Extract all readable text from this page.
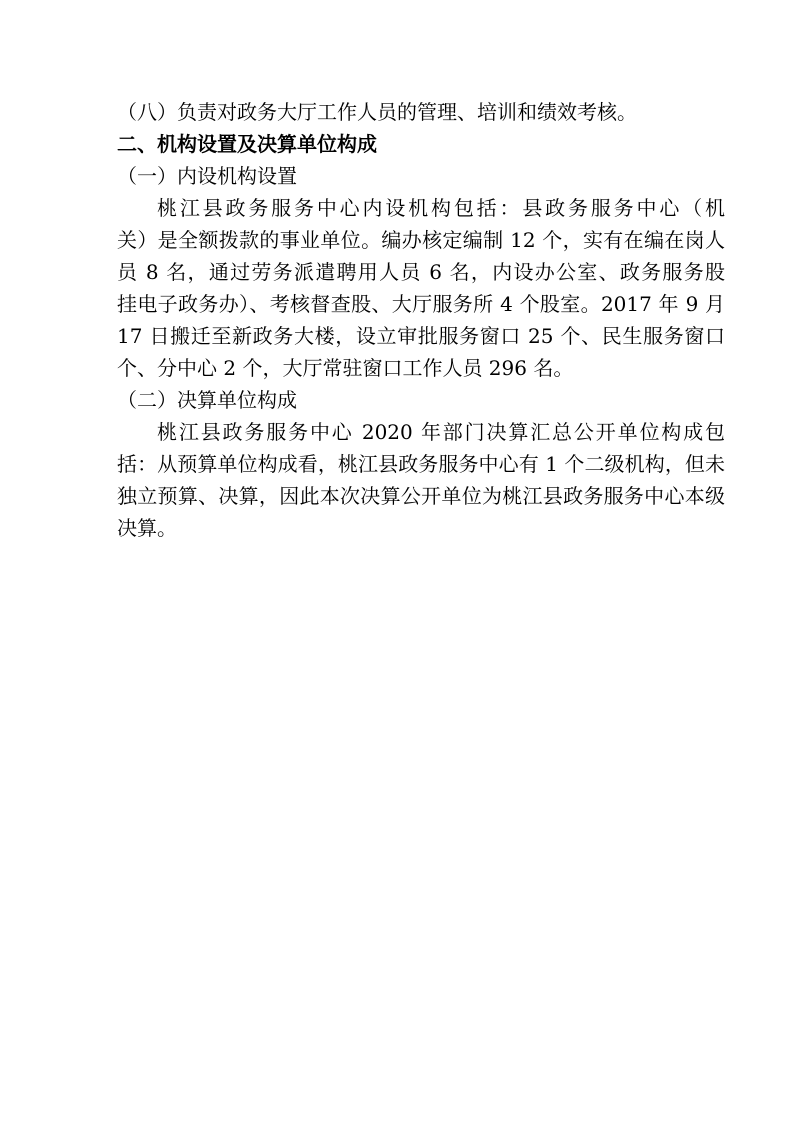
（八）负责对政务大厅工作人员的管理、培训和绩效考核。
二、机构设置及决算单位构成
（一）内设机构设置
桃江县政务服务中心内设机构包括：县政务服务中心（机
关）是全额拨款的事业单位。编办核定编制 12 个，实有在编在岗人
员 8 名，通过劳务派遣聘用人员 6 名，内设办公室、政务服务股
挂电子政务办）、考核督查股、大厅服务所 4 个股室。2017 年 9 月
17 日搬迁至新政务大楼，设立审批服务窗口 25 个、民生服务窗口
个、分中心 2 个，大厅常驻窗口工作人员 296 名。
（二）决算单位构成
桃江县政务服务中心 2020 年部门决算汇总公开单位构成包
括：从预算单位构成看，桃江县政务服务中心有 1 个二级机构，但未
独立预算、决算，因此本次决算公开单位为桃江县政务服务中心本级
决算。
